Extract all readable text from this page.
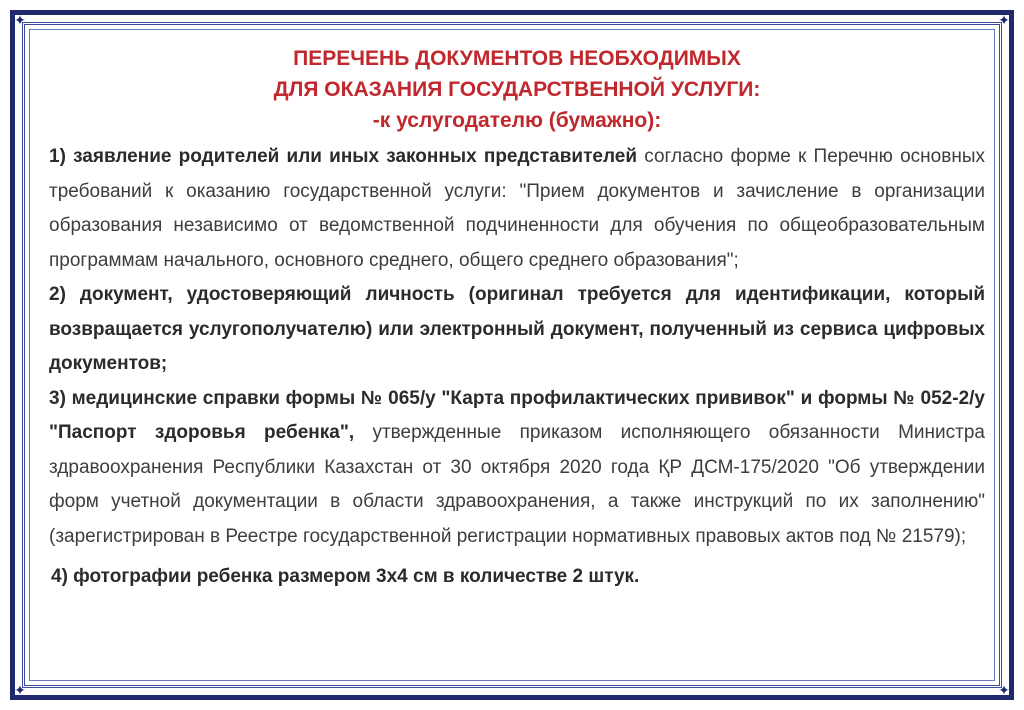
✦	✦
✦	✦

ПЕРЕЧЕНЬ ДОКУМЕНТОВ НЕОБХОДИМЫХ

ДЛЯ ОКАЗАНИЯ ГОСУДАРСТВЕННОЙ УСЛУГИ:

-к услугодателю (бумажно):

1) заявление родителей или иных законных представителей согласно форме к Перечню основных требований к оказанию государственной услуги: "Прием документов и зачисление в организации образования независимо от ведомственной подчиненности для обучения по общеобразовательным программам начального, основного среднего, общего среднего образования";

2) документ, удостоверяющий личность (оригинал требуется для идентификации, который возвращается услугополучателю) или электронный документ, полученный из сервиса цифровых документов;

3) медицинские справки формы № 065/у "Карта профилактических прививок" и формы № 052-2/у "Паспорт здоровья ребенка", утвержденные приказом исполняющего обязанности Министра здравоохранения Республики Казахстан от 30 октября 2020 года ҚР ДСМ-175/2020 "Об утверждении форм учетной документации в области здравоохранения, а также инструкций по их заполнению" (зарегистрирован в Реестре государственной регистрации нормативных правовых актов под № 21579);

4) фотографии ребенка размером 3х4 см в количестве 2 штук.
